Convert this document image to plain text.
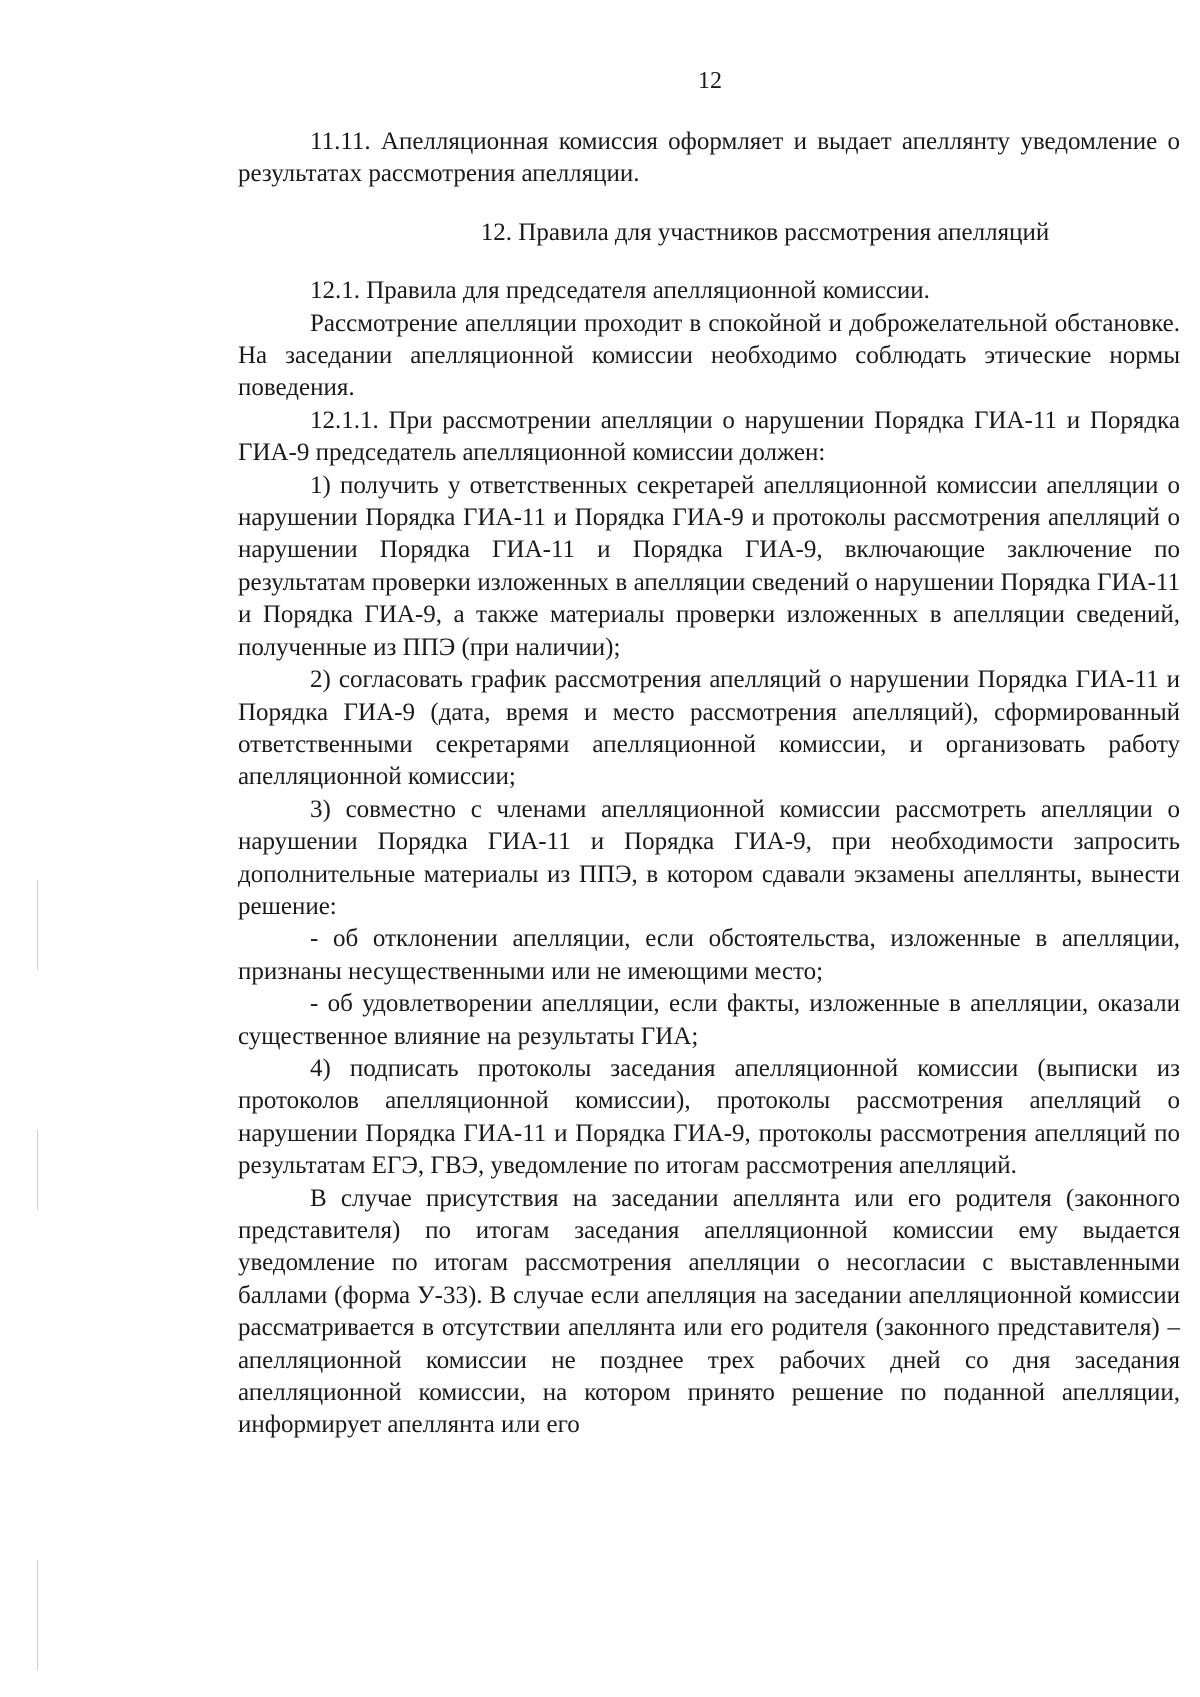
12

11.11. Апелляционная комиссия оформляет и выдает апеллянту уведомление о результатах рассмотрения апелляции.

12. Правила для участников рассмотрения апелляций

12.1. Правила для председателя апелляционной комиссии.

Рассмотрение апелляции проходит в спокойной и доброжелательной обстановке. На заседании апелляционной комиссии необходимо соблюдать этические нормы поведения.

12.1.1. При рассмотрении апелляции о нарушении Порядка ГИА-11 и Порядка ГИА-9 председатель апелляционной комиссии должен:

1) получить у ответственных секретарей апелляционной комиссии апелляции о нарушении Порядка ГИА-11 и Порядка ГИА-9 и протоколы рассмотрения апелляций о нарушении Порядка ГИА-11 и Порядка ГИА-9, включающие заключение по результатам проверки изложенных в апелляции сведений о нарушении Порядка ГИА-11 и Порядка ГИА-9, а также материалы проверки изложенных в апелляции сведений, полученные из ППЭ (при наличии);

2) согласовать график рассмотрения апелляций о нарушении Порядка ГИА-11 и Порядка ГИА-9 (дата, время и место рассмотрения апелляций), сформированный ответственными секретарями апелляционной комиссии, и организовать работу апелляционной комиссии;

3) совместно с членами апелляционной комиссии рассмотреть апелляции о нарушении Порядка ГИА-11 и Порядка ГИА-9, при необходимости запросить дополнительные материалы из ППЭ, в котором сдавали экзамены апеллянты, вынести решение:

- об отклонении апелляции, если обстоятельства, изложенные в апелляции, признаны несущественными или не имеющими место;

- об удовлетворении апелляции, если факты, изложенные в апелляции, оказали существенное влияние на результаты ГИА;

4) подписать протоколы заседания апелляционной комиссии (выписки из протоколов апелляционной комиссии), протоколы рассмотрения апелляций о нарушении Порядка ГИА-11 и Порядка ГИА-9, протоколы рассмотрения апелляций по результатам ЕГЭ, ГВЭ, уведомление по итогам рассмотрения апелляций.

В случае присутствия на заседании апеллянта или его родителя (законного представителя) по итогам заседания апелляционной комиссии ему выдается уведомление по итогам рассмотрения апелляции о несогласии с выставленными баллами (форма У-33). В случае если апелляция на заседании апелляционной комиссии рассматривается в отсутствии апеллянта или его родителя (законного представителя) – апелляционной комиссии не позднее трех рабочих дней со дня заседания апелляционной комиссии, на котором принято решение по поданной апелляции, информирует апеллянта или его
